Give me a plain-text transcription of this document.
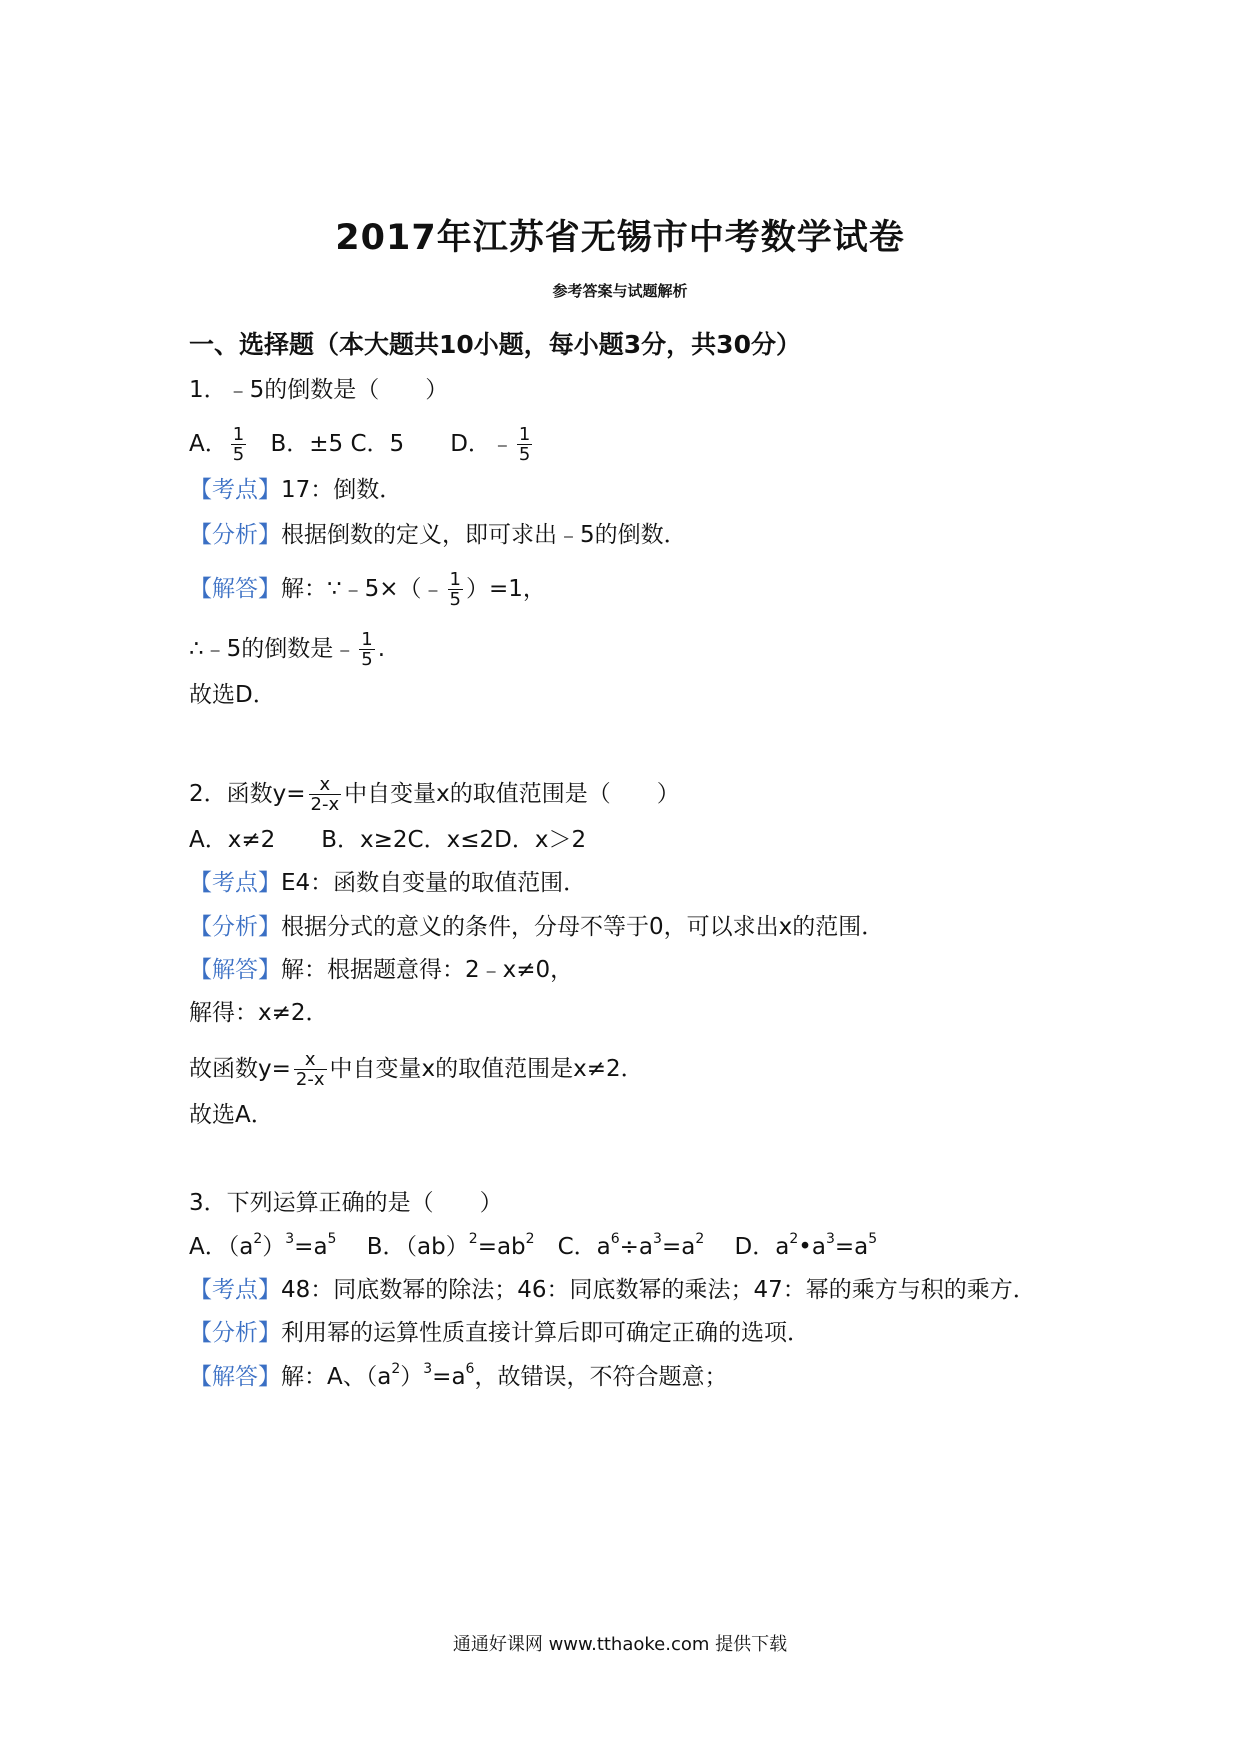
2017年江苏省无锡市中考数学试卷
参考答案与试题解析
一、选择题（本大题共10小题，每小题3分，共30分）
1．﹣5的倒数是（　　）
A． $\frac{1}{5}$ B．±5 C．5　　D．﹣ $\frac{1}{5}$
【考点】17：倒数．
【分析】根据倒数的定义，即可求出﹣5的倒数．
【解答】解：∵﹣5×（﹣ $\frac{1}{5} )=1$，
∴﹣5的倒数是﹣ $\frac{1}{5}$ .
故选D．
2．函数$y= \frac{x}{2-x}$ 中自变量x的取值范围是（　　）
A．x≠2　　B．x≥2C．x≤2D．x＞2
【考点】E4：函数自变量的取值范围．
【分析】根据分式的意义的条件，分母不等于0，可以求出x的范围．
【解答】解：根据题意得：2﹣x≠0，
解得：x≠2．
故函数$y= \frac{x}{2-x}$ 中自变量x的取值范围是x≠2．
故选A．
3．下列运算正确的是（　　）
A．$(a^2)^3=a^5$　 B．$(ab)^2=ab^2$　C．$a^6\div a^3=a^2$　 D．$a^2•a^3=a^5$
【考点】48：同底数幂的除法；46：同底数幂的乘法；47：幂的乘方与积的乘方．
【分析】利用幂的运算性质直接计算后即可确定正确的选项．
【解答】解：A、$(a^2)^3=a^6$，故错误，不符合题意；
通通好课网 www.tthaoke.com 提供下载
